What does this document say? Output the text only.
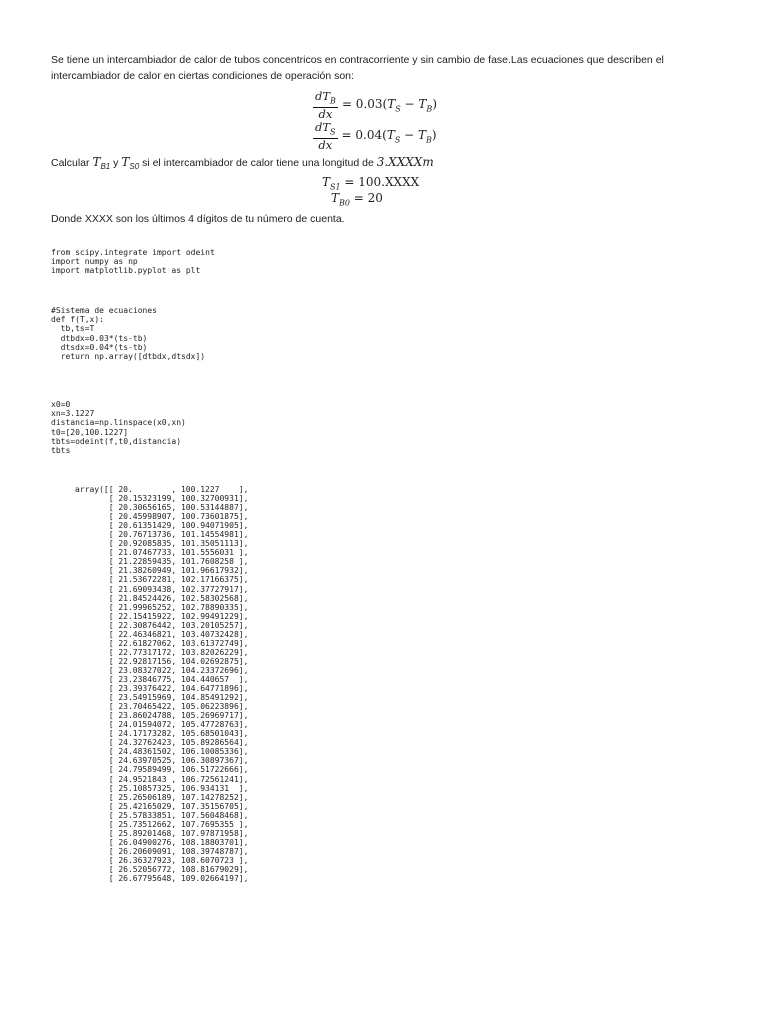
Se tiene un intercambiador de calor de tubos concentricos en contracorriente y sin cambio de fase.Las ecuaciones que describen el intercambiador de calor en ciertas condiciones de operación son:
$\frac{dT_B}{dx} = 0.03(T_S - T_B)$
$\frac{dT_S}{dx} = 0.04(T_S - T_B)$
Calcular $T_{B1}$ y $T_{S0}$ si el intercambiador de calor tiene una longitud de 3.XXXXm
$T_{S1}$ = 100.XXXX
$T_{B0} = 20$
Donde XXXX son los últimos 4 dígitos de tu número de cuenta.
from scipy.integrate import odeint
import numpy as np
import matplotlib.pyplot as plt
#Sistema de ecuaciones
def f(T,x):
tb,ts=T
dtbdx=0.03*(ts-tb)
dtsdx=0.04*(ts-tb)
return np.array([dtbdx,dtsdx])
x0=0
xn=3.1227
distancia=np.linspace(x0,xn)
t0=[20,100.1227]
tbts=odeint(f,t0,distancia)
tbts
array([[ 20.        , 100.1227    ],
[ 20.15323199, 100.32700931],
[ 20.30656165, 100.53144887],
[ 20.45998907, 100.73601875],
[ 20.61351429, 100.94071905],
[ 20.76713736, 101.14554981],
[ 20.92085835, 101.35051113],
[ 21.07467733, 101.5556031 ],
[ 21.22859435, 101.7608258 ],
[ 21.38260949, 101.96617932],
[ 21.53672281, 102.17166375],
[ 21.69093438, 102.37727917],
[ 21.84524426, 102.58302568],
[ 21.99965252, 102.78890335],
[ 22.15415922, 102.99491229],
[ 22.30876442, 103.20105257],
[ 22.46346821, 103.40732428],
[ 22.61827062, 103.61372749],
[ 22.77317172, 103.82026229],
[ 22.92817156, 104.02692875],
[ 23.08327022, 104.23372696],
[ 23.23846775, 104.440657  ],
[ 23.39376422, 104.64771896],
[ 23.54915969, 104.85491292],
[ 23.70465422, 105.06223896],
[ 23.86024788, 105.26969717],
[ 24.01594072, 105.47728763],
[ 24.17173282, 105.68501043],
[ 24.32762423, 105.89286564],
[ 24.48361502, 106.10085336],
[ 24.63970525, 106.30897367],
[ 24.79589499, 106.51722666],
[ 24.9521843 , 106.72561241],
[ 25.10857325, 106.934131  ],
[ 25.26506189, 107.14278252],
[ 25.42165029, 107.35156705],
[ 25.57833851, 107.56048468],
[ 25.73512662, 107.7695355 ],
[ 25.89201468, 107.97871958],
[ 26.04900276, 108.18803701],
[ 26.20609091, 108.39748787],
[ 26.36327923, 108.6070723 ],
[ 26.52056772, 108.81679029],
[ 26.67795648, 109.02664197],
